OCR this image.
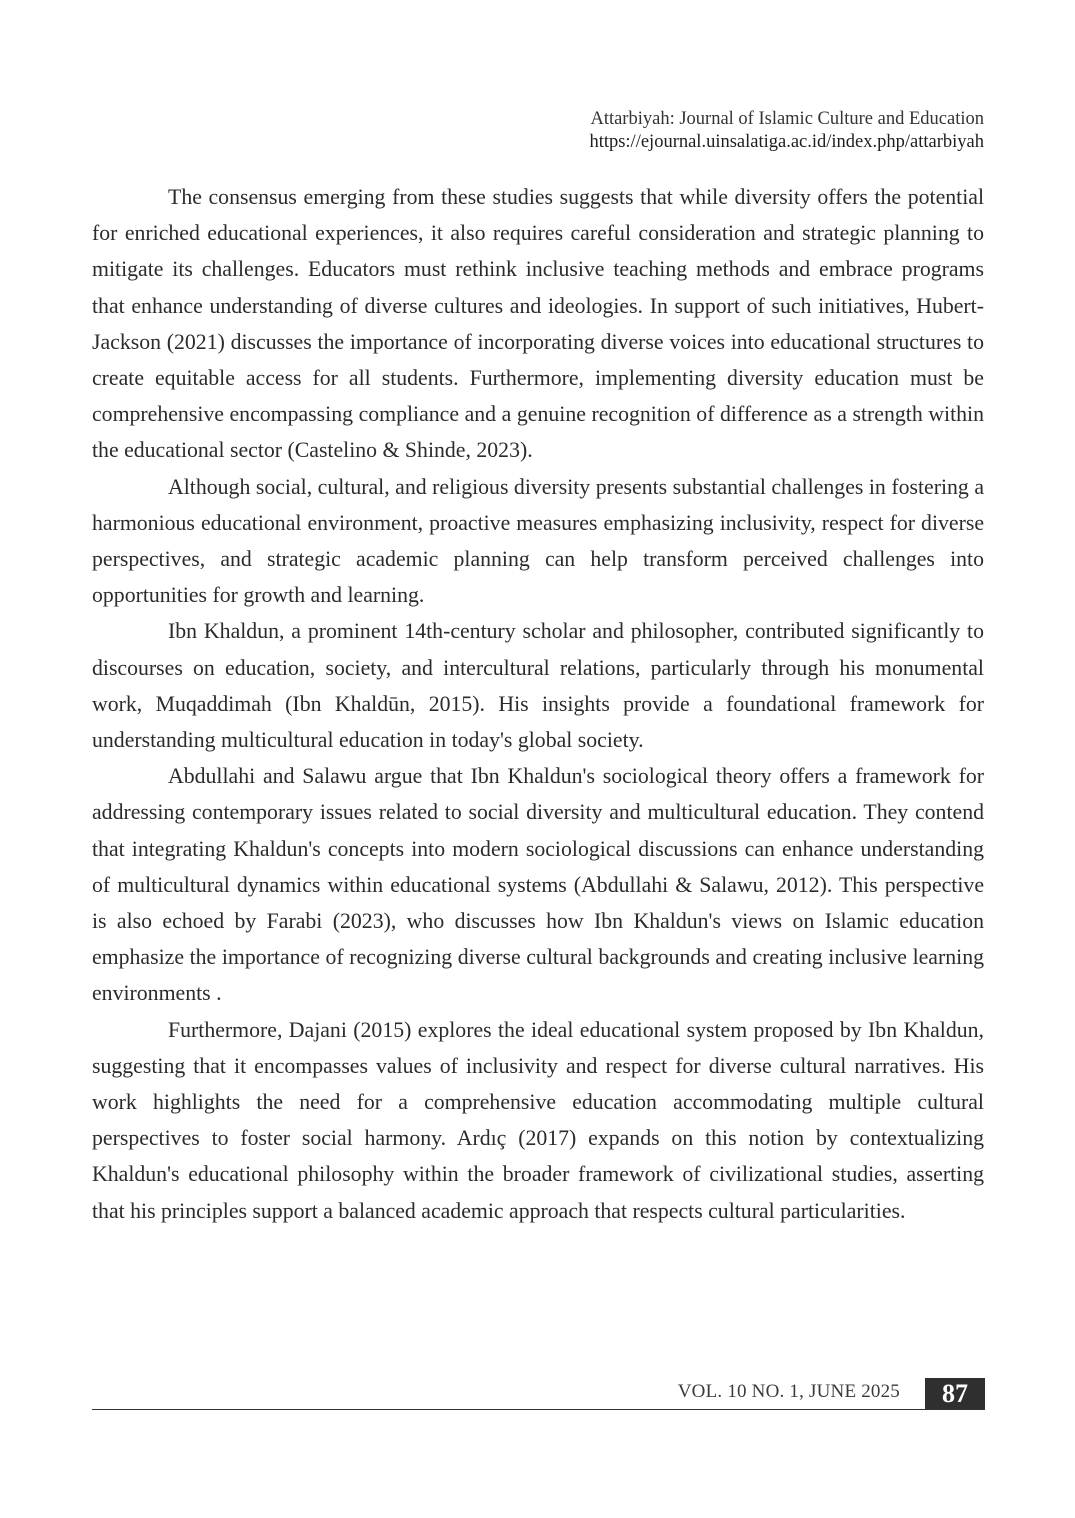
Attarbiyah: Journal of Islamic Culture and Education
https://ejournal.uinsalatiga.ac.id/index.php/attarbiyah

The consensus emerging from these studies suggests that while diversity offers the potential for enriched educational experiences, it also requires careful consideration and strategic planning to mitigate its challenges. Educators must rethink inclusive teaching methods and embrace programs that enhance understanding of diverse cultures and ideologies. In support of such initiatives, Hubert-Jackson (2021) discusses the importance of incorporating diverse voices into educational structures to create equitable access for all students. Furthermore, implementing diversity education must be comprehensive encompassing compliance and a genuine recognition of difference as a strength within the educational sector (Castelino & Shinde, 2023).

Although social, cultural, and religious diversity presents substantial challenges in fostering a harmonious educational environment, proactive measures emphasizing inclusivity, respect for diverse perspectives, and strategic academic planning can help transform perceived challenges into opportunities for growth and learning.

Ibn Khaldun, a prominent 14th-century scholar and philosopher, contributed significantly to discourses on education, society, and intercultural relations, particularly through his monumental work, Muqaddimah (Ibn Khaldūn, 2015). His insights provide a foundational framework for understanding multicultural education in today's global society.

Abdullahi and Salawu argue that Ibn Khaldun's sociological theory offers a framework for addressing contemporary issues related to social diversity and multicultural education. They contend that integrating Khaldun's concepts into modern sociological discussions can enhance understanding of multicultural dynamics within educational systems (Abdullahi & Salawu, 2012). This perspective is also echoed by Farabi (2023), who discusses how Ibn Khaldun's views on Islamic education emphasize the importance of recognizing diverse cultural backgrounds and creating inclusive learning environments .

Furthermore, Dajani (2015) explores the ideal educational system proposed by Ibn Khaldun, suggesting that it encompasses values of inclusivity and respect for diverse cultural narratives. His work highlights the need for a comprehensive education accommodating multiple cultural perspectives to foster social harmony. Ardıç (2017) expands on this notion by contextualizing Khaldun's educational philosophy within the broader framework of civilizational studies, asserting that his principles support a balanced academic approach that respects cultural particularities.

VOL. 10 NO. 1, JUNE 2025	87
